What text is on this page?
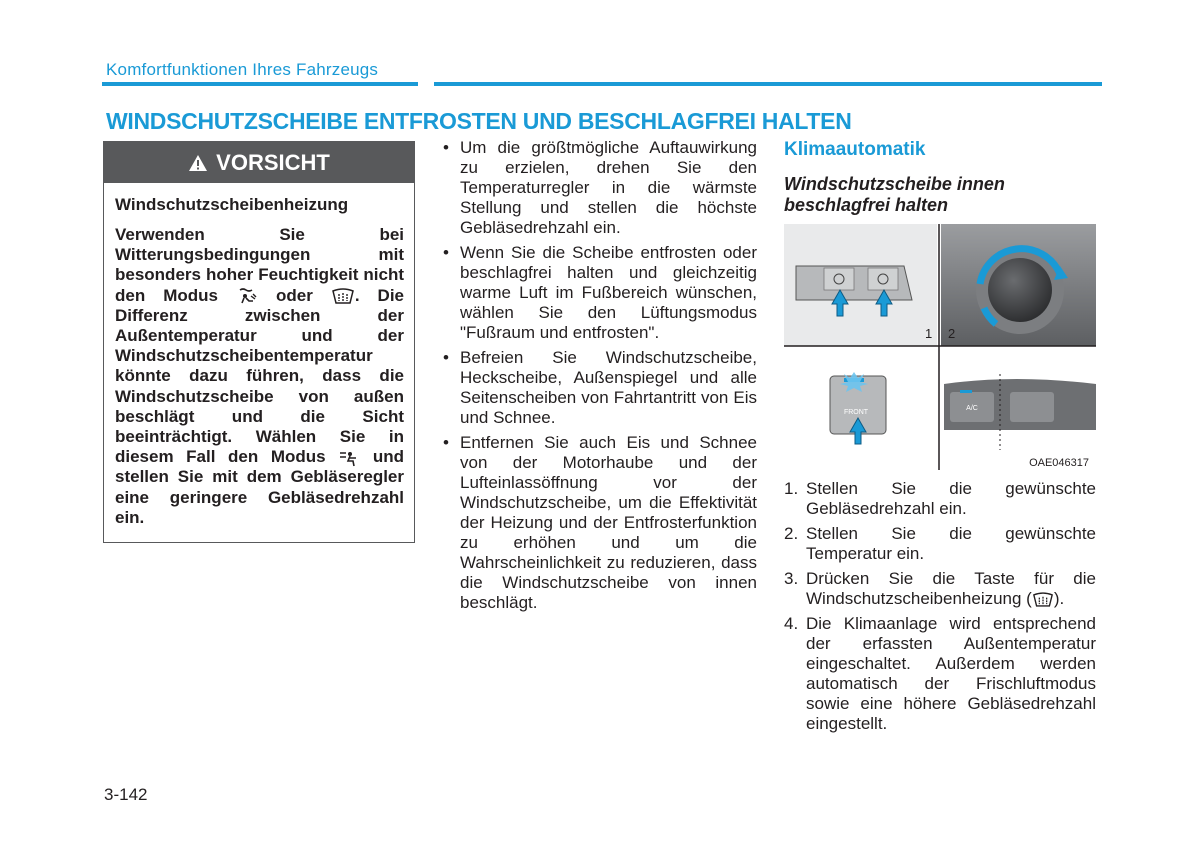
Komfortfunktionen Ihres Fahrzeugs
WINDSCHUTZSCHEIBE ENTFROSTEN UND BESCHLAGFREI HALTEN
VORSICHT
Windschutzscheibenheizung
Verwenden Sie bei Witterungsbedingungen mit besonders hoher Feuchtigkeit nicht den Modus	oder . Die Differenz zwischen der Außentemperatur und der Windschutzscheibentemperatur könnte dazu führen, dass die Windschutzscheibe von außen beschlägt und die Sicht beeinträchtigt. Wählen Sie in diesem Fall den Modus	und stellen Sie mit dem Gebläseregler eine geringere Gebläsedrehzahl ein.
• Um die größtmögliche Auftauwirkung zu erzielen, drehen Sie den Temperaturregler in die wärmste Stellung und stellen die höchste Gebläsedrehzahl ein.
• Wenn Sie die Scheibe entfrosten oder beschlagfrei halten und gleichzeitig warme Luft im Fußbereich wünschen, wählen Sie den Lüftungsmodus "Fußraum und entfrosten".
• Befreien Sie Windschutzscheibe, Heckscheibe, Außenspiegel und alle Seitenscheiben von Fahrtantritt von Eis und Schnee.
• Entfernen Sie auch Eis und Schnee von der Motorhaube und der Lufteinlassöffnung vor der Windschutzscheibe, um die Effektivität der Heizung und der Entfrosterfunktion zu erhöhen und um die Wahrscheinlichkeit zu reduzieren, dass die Windschutzscheibe von innen beschlägt.
Klimaautomatik
Windschutzscheibe innen beschlagfrei halten
1 2
FRONT
A/C
OAE046317
1. Stellen Sie die gewünschte Gebläsedrehzahl ein.
2. Stellen Sie die gewünschte Temperatur ein.
3. Drücken Sie die Taste für die Windschutzscheibenheizung ( ).
4. Die Klimaanlage wird entsprechend der erfassten Außentemperatur eingeschaltet. Außerdem werden automatisch der Frischluftmodus sowie eine höhere Gebläsedrehzahl eingestellt.
3-142
